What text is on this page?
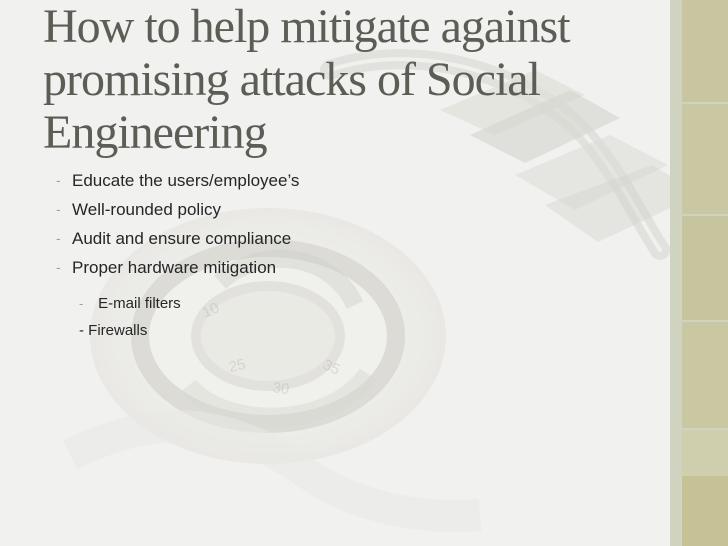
10
25
30
35
How to help mitigate against
promising attacks of Social
Engineering
- Educate the users/employee’s
- Well-rounded policy
- Audit and ensure compliance
- Proper hardware mitigation
- E-mail filters
- Firewalls
